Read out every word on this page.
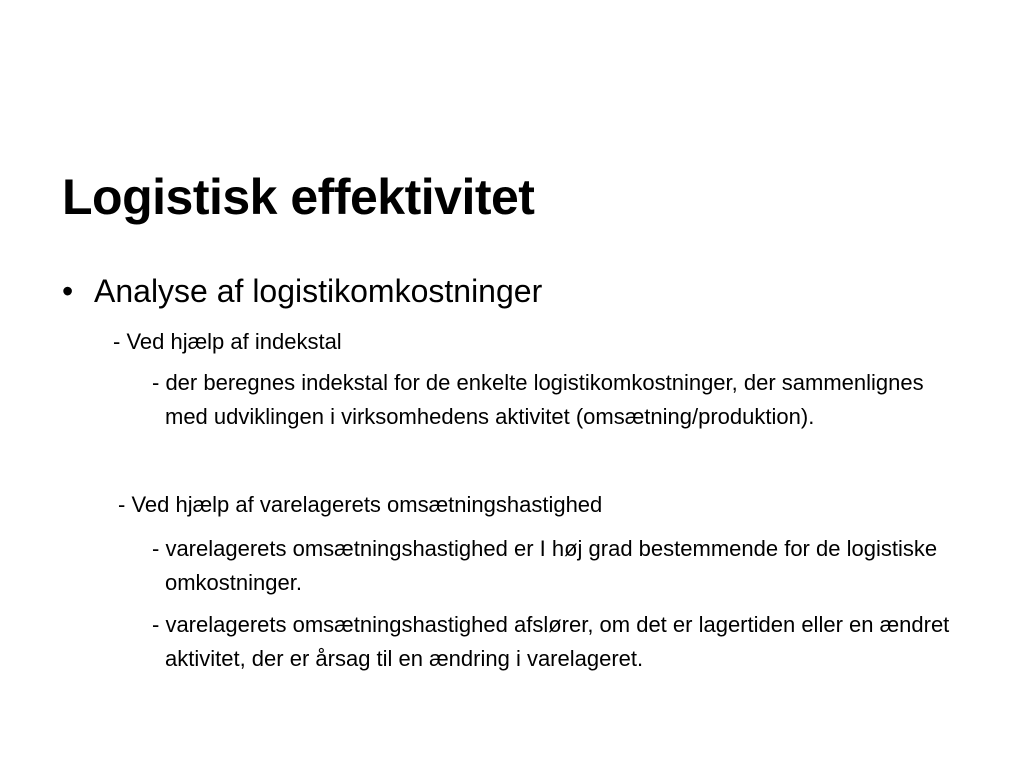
Logistisk effektivitet
• Analyse af logistikomkostninger

- Ved hjælp af indekstal

- der beregnes indekstal for de enkelte logistikomkostninger, der sammenlignes med udviklingen i virksomhedens aktivitet (omsætning/produktion).

- Ved hjælp af varelagerets omsætningshastighed

- varelagerets omsætningshastighed er I høj grad bestemmende for de logistiske omkostninger.

- varelagerets omsætningshastighed afslører, om det er lagertiden eller en ændret aktivitet, der er årsag til en ændring i varelageret.
